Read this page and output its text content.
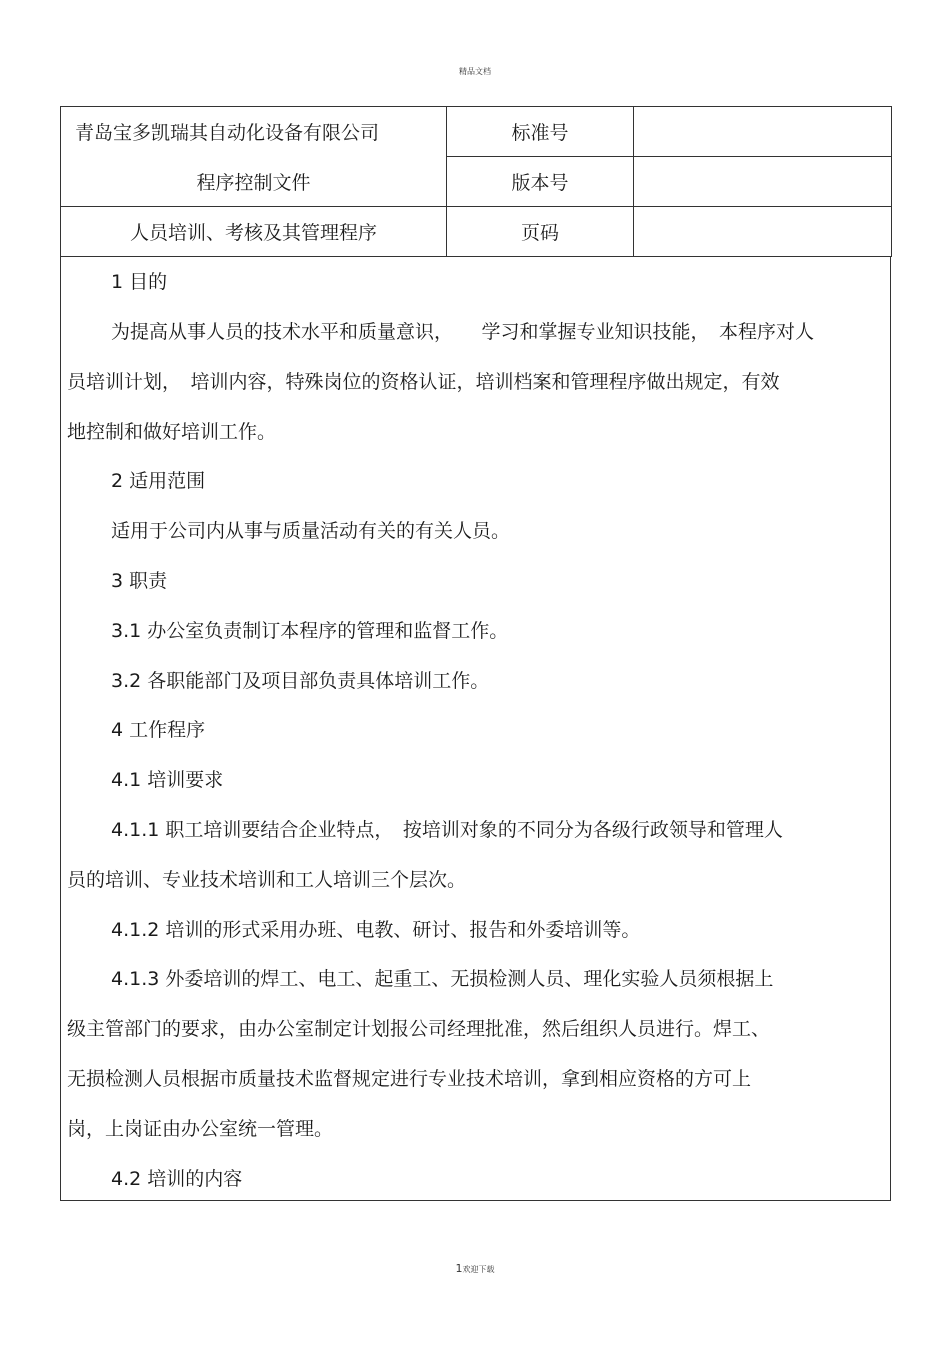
精品文档
青岛宝多凯瑞其自动化设备有限公司	标准号	
程序控制文件	版本号	
人员培训、考核及其管理程序	页码	
1 目的
为提高从事人员的技术水平和质量意识，　　学习和掌握专业知识技能，　本程序对人
员培训计划，　培训内容，特殊岗位的资格认证，培训档案和管理程序做出规定，有效
地控制和做好培训工作。
2 适用范围
适用于公司内从事与质量活动有关的有关人员。
3 职责
3.1 办公室负责制订本程序的管理和监督工作。
3.2 各职能部门及项目部负责具体培训工作。
4 工作程序
4.1 培训要求
4.1.1 职工培训要结合企业特点，　按培训对象的不同分为各级行政领导和管理人
员的培训、专业技术培训和工人培训三个层次。
4.1.2 培训的形式采用办班、电教、研讨、报告和外委培训等。
4.1.3 外委培训的焊工、电工、起重工、无损检测人员、理化实验人员须根据上
级主管部门的要求，由办公室制定计划报公司经理批准，然后组织人员进行。焊工、
无损检测人员根据市质量技术监督规定进行专业技术培训，拿到相应资格的方可上
岗，上岗证由办公室统一管理。
4.2 培训的内容
1欢迎下载
